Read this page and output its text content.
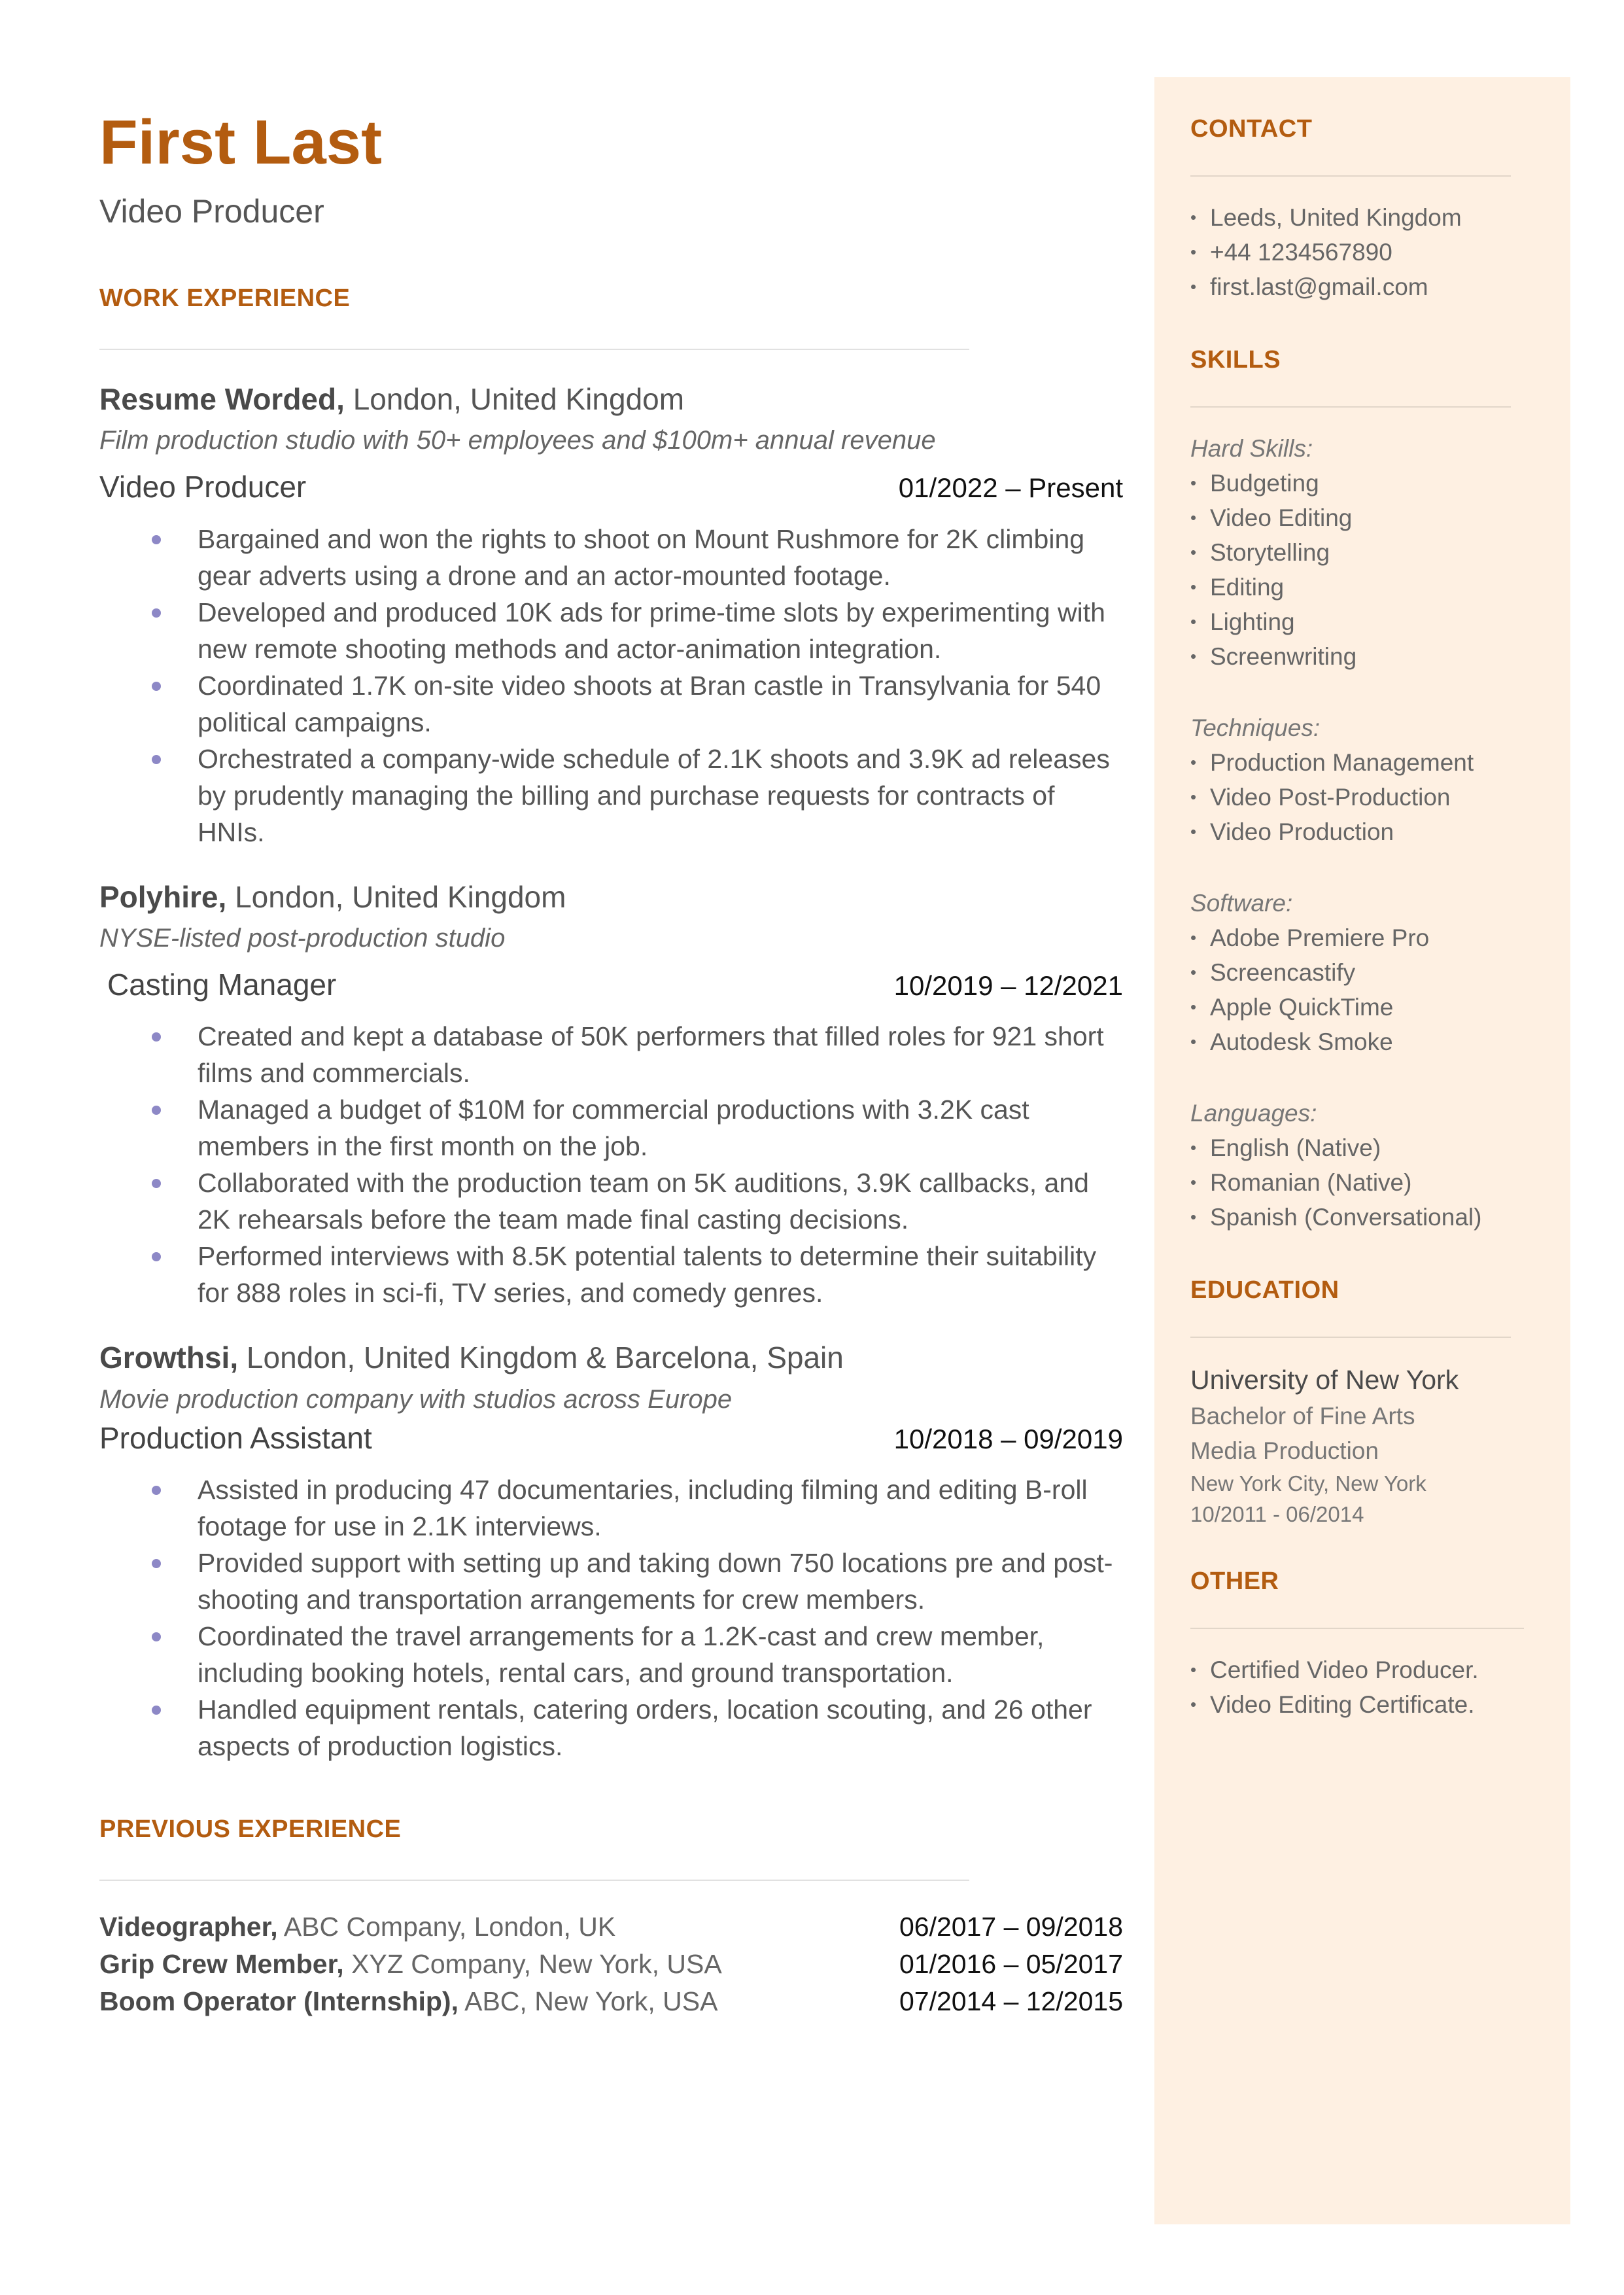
First Last
Video Producer
WORK EXPERIENCE
Resume Worded, London, United Kingdom
Film production studio with 50+ employees and $100m+ annual revenue
Video Producer	01/2022 – Present
Bargained and won the rights to shoot on Mount Rushmore for 2K climbing gear adverts using a drone and an actor-mounted footage.
Developed and produced 10K ads for prime-time slots by experimenting with new remote shooting methods and actor-animation integration.
Coordinated 1.7K on-site video shoots at Bran castle in Transylvania for 540 political campaigns.
Orchestrated a company-wide schedule of 2.1K shoots and 3.9K ad releases by prudently managing the billing and purchase requests for contracts of HNIs.
Polyhire, London, United Kingdom
NYSE-listed post-production studio
Casting Manager	10/2019 – 12/2021
Created and kept a database of 50K performers that filled roles for 921 short films and commercials.
Managed a budget of $10M for commercial productions with 3.2K cast members in the first month on the job.
Collaborated with the production team on 5K auditions, 3.9K callbacks, and 2K rehearsals before the team made final casting decisions.
Performed interviews with 8.5K potential talents to determine their suitability for 888 roles in sci-fi, TV series, and comedy genres.
Growthsi, London, United Kingdom & Barcelona, Spain
Movie production company with studios across Europe
Production Assistant	10/2018 – 09/2019
Assisted in producing 47 documentaries, including filming and editing B-roll footage for use in 2.1K interviews.
Provided support with setting up and taking down 750 locations pre and post-shooting and transportation arrangements for crew members.
Coordinated the travel arrangements for a 1.2K-cast and crew member, including booking hotels, rental cars, and ground transportation.
Handled equipment rentals, catering orders, location scouting, and 26 other aspects of production logistics.
PREVIOUS EXPERIENCE
Videographer, ABC Company, London, UK	06/2017 – 09/2018
Grip Crew Member, XYZ Company, New York, USA	01/2016 – 05/2017
Boom Operator (Internship), ABC, New York, USA	07/2014 – 12/2015
CONTACT
• Leeds, United Kingdom
• +44 1234567890
• first.last@gmail.com
SKILLS
Hard Skills:
• Budgeting
• Video Editing
• Storytelling
• Editing
• Lighting
• Screenwriting
Techniques:
• Production Management
• Video Post-Production
• Video Production
Software:
• Adobe Premiere Pro
• Screencastify
• Apple QuickTime
• Autodesk Smoke
Languages:
• English (Native)
• Romanian (Native)
• Spanish (Conversational)
EDUCATION
University of New York
Bachelor of Fine Arts
Media Production
New York City, New York
10/2011 - 06/2014
OTHER
• Certified Video Producer.
• Video Editing Certificate.
